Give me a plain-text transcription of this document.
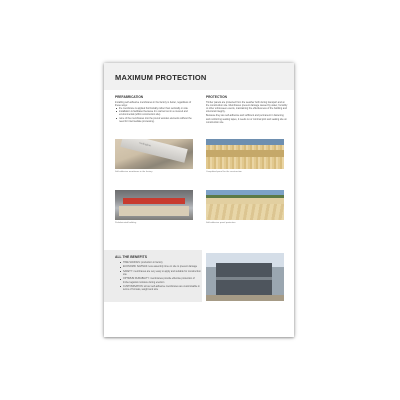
MAXIMUM PROTECTION
PREFABRICATION
Installing self-adhesive membranes in the factory is better, regardless of these ways:
the membrane is applied horizontally rather than vertically on site
installation is facilitated because it is carried out in a covered and environmental (within construction site)
none of the membranes into the precut wooden elements without the need for intermediate processing.
PROTECTION
Timber panels are protected from the weather both during transport and at the construction site. Membranes prevent damage caused by water, humidity or other unforeseen events, maintaining the effectiveness of the building and structural integrity.
Because they are self-adhesive and sufficient and permanent in fastening and reinforcing sealing tapes, it needs no or minimal joint and sealing site on construction site.
roofingline
Self-adhesive membrane in the factory	Completed panel for the construction
Prefabricated building	Self-adhesive panel protection
ALL THE BENEFITS
TIME SAVINGS: production in factory
ECONOMIC SAVINGS: less assembly time on site to prevent damage
SAFETY: membranes are very easy to apply and suitable for construction site
OPTIMUM DURABILITY: membranes provide effective protection of timber against moisture during erection
CUSTOMISATION: all our self-adhesive membranes are customisable in terms of formats, weight and size
